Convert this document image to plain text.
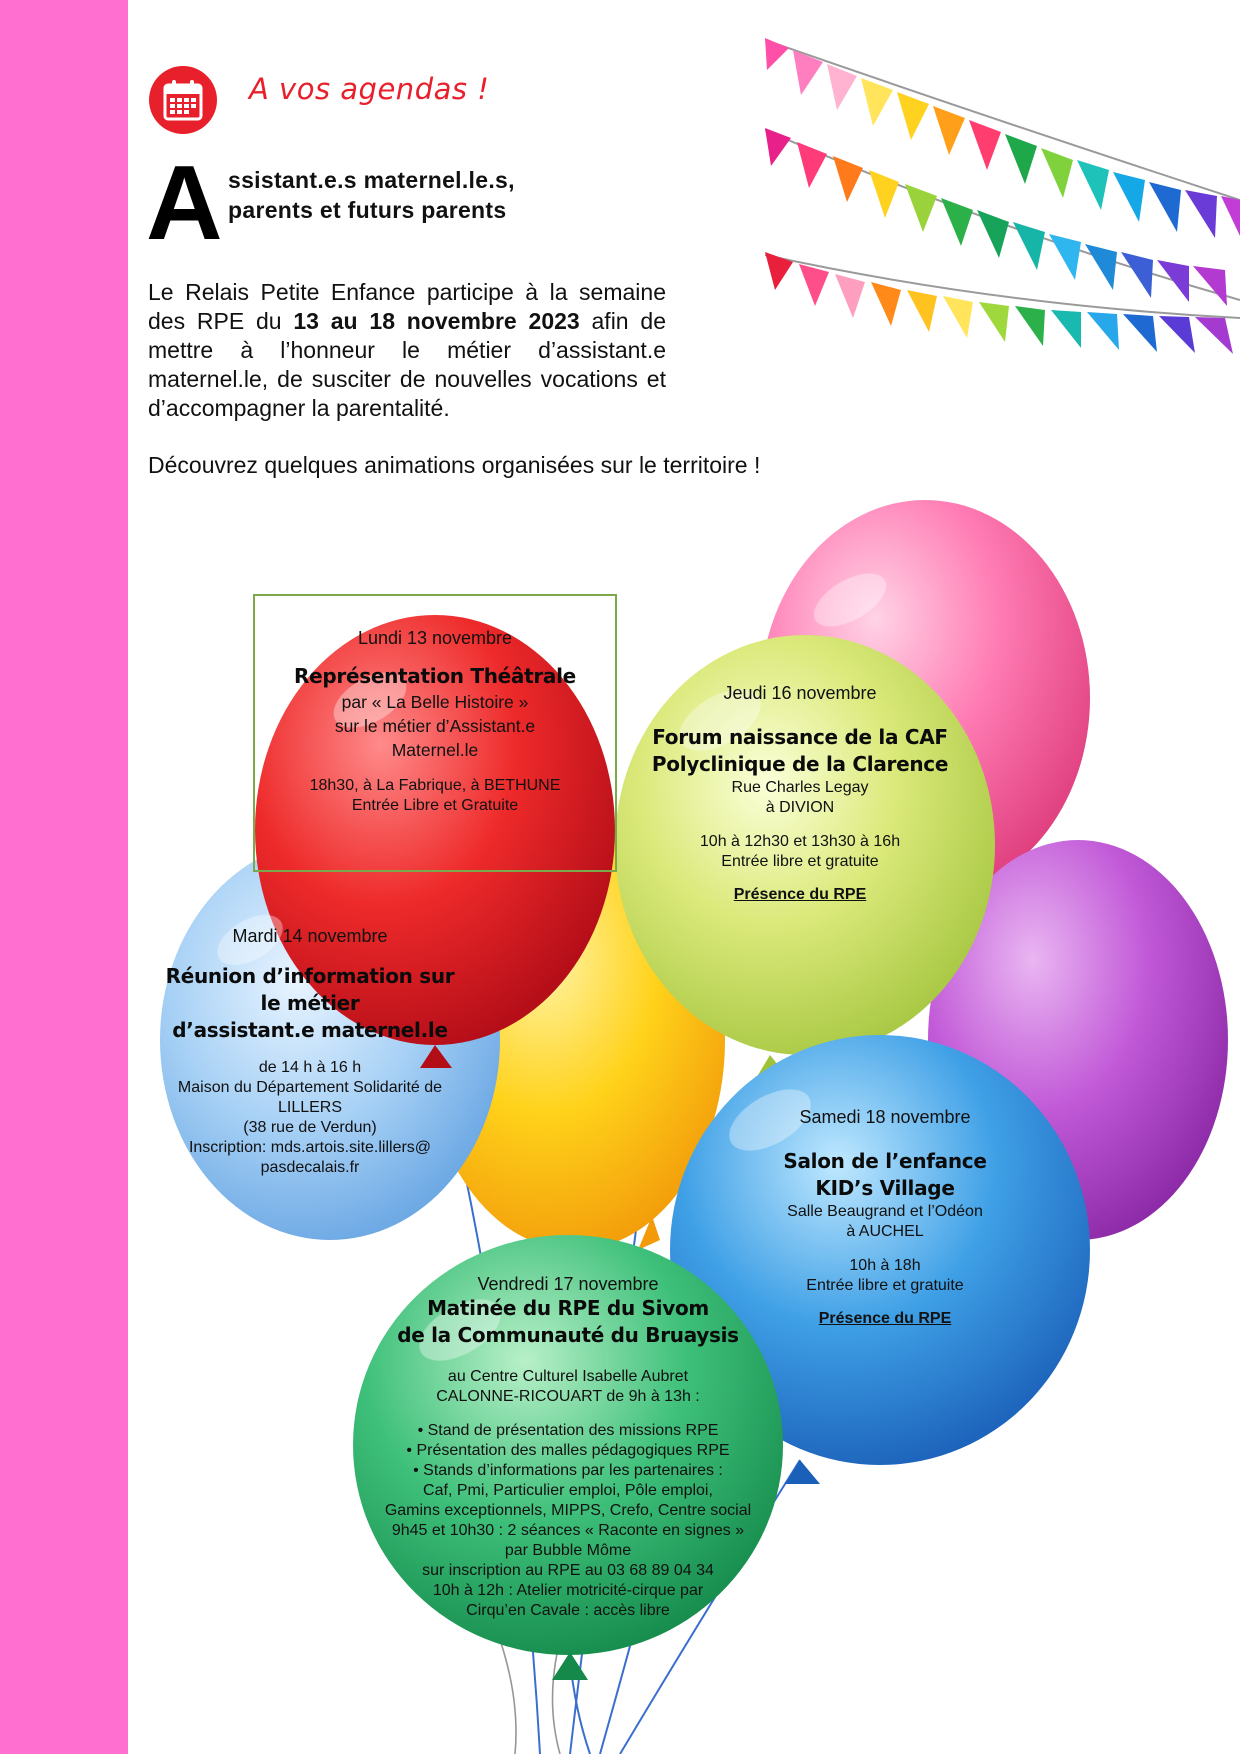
A vos agendas !
A ssistant.e.s maternel.le.s,
parents et futurs parents
Le Relais Petite Enfance participe à la semaine des RPE du 13 au 18 novembre 2023 afin de mettre à l’honneur le métier d’assistant.e maternel.le, de susciter de nouvelles vocations et d’accompagner la parentalité.
Découvrez quelques animations organisées sur le territoire !
Lundi 13 novembre
Représentation Théâtrale
par « La Belle Histoire »
sur le métier d’Assistant.e
Maternel.le
18h30, à La Fabrique, à BETHUNE
Entrée Libre et Gratuite
Jeudi 16 novembre
Forum naissance de la CAF
Polyclinique de la Clarence
Rue Charles Legay
à DIVION
10h à 12h30 et 13h30 à 16h
Entrée libre et gratuite
Présence du RPE
Mardi 14 novembre
Réunion d’information sur
le métier
d’assistant.e maternel.le
de 14 h à 16 h
Maison du Département Solidarité de
LILLERS
(38 rue de Verdun)
Inscription: mds.artois.site.lillers@
pasdecalais.fr
Samedi 18 novembre
Salon de l’enfance
KID’s Village
Salle Beaugrand et l’Odéon
à AUCHEL
10h à 18h
Entrée libre et gratuite
Présence du RPE
Vendredi 17 novembre
Matinée du RPE du Sivom
de la Communauté du Bruaysis
au Centre Culturel Isabelle Aubret
CALONNE-RICOUART de 9h à 13h :
• Stand de présentation des missions RPE
• Présentation des malles pédagogiques RPE
• Stands d’informations par les partenaires :
Caf, Pmi, Particulier emploi, Pôle emploi,
Gamins exceptionnels, MIPPS, Crefo, Centre social
9h45 et 10h30 : 2 séances « Raconte en signes »
par Bubble Môme
sur inscription au RPE au 03 68 89 04 34
10h à 12h : Atelier motricité-cirque par
Cirqu’en Cavale : accès libre
